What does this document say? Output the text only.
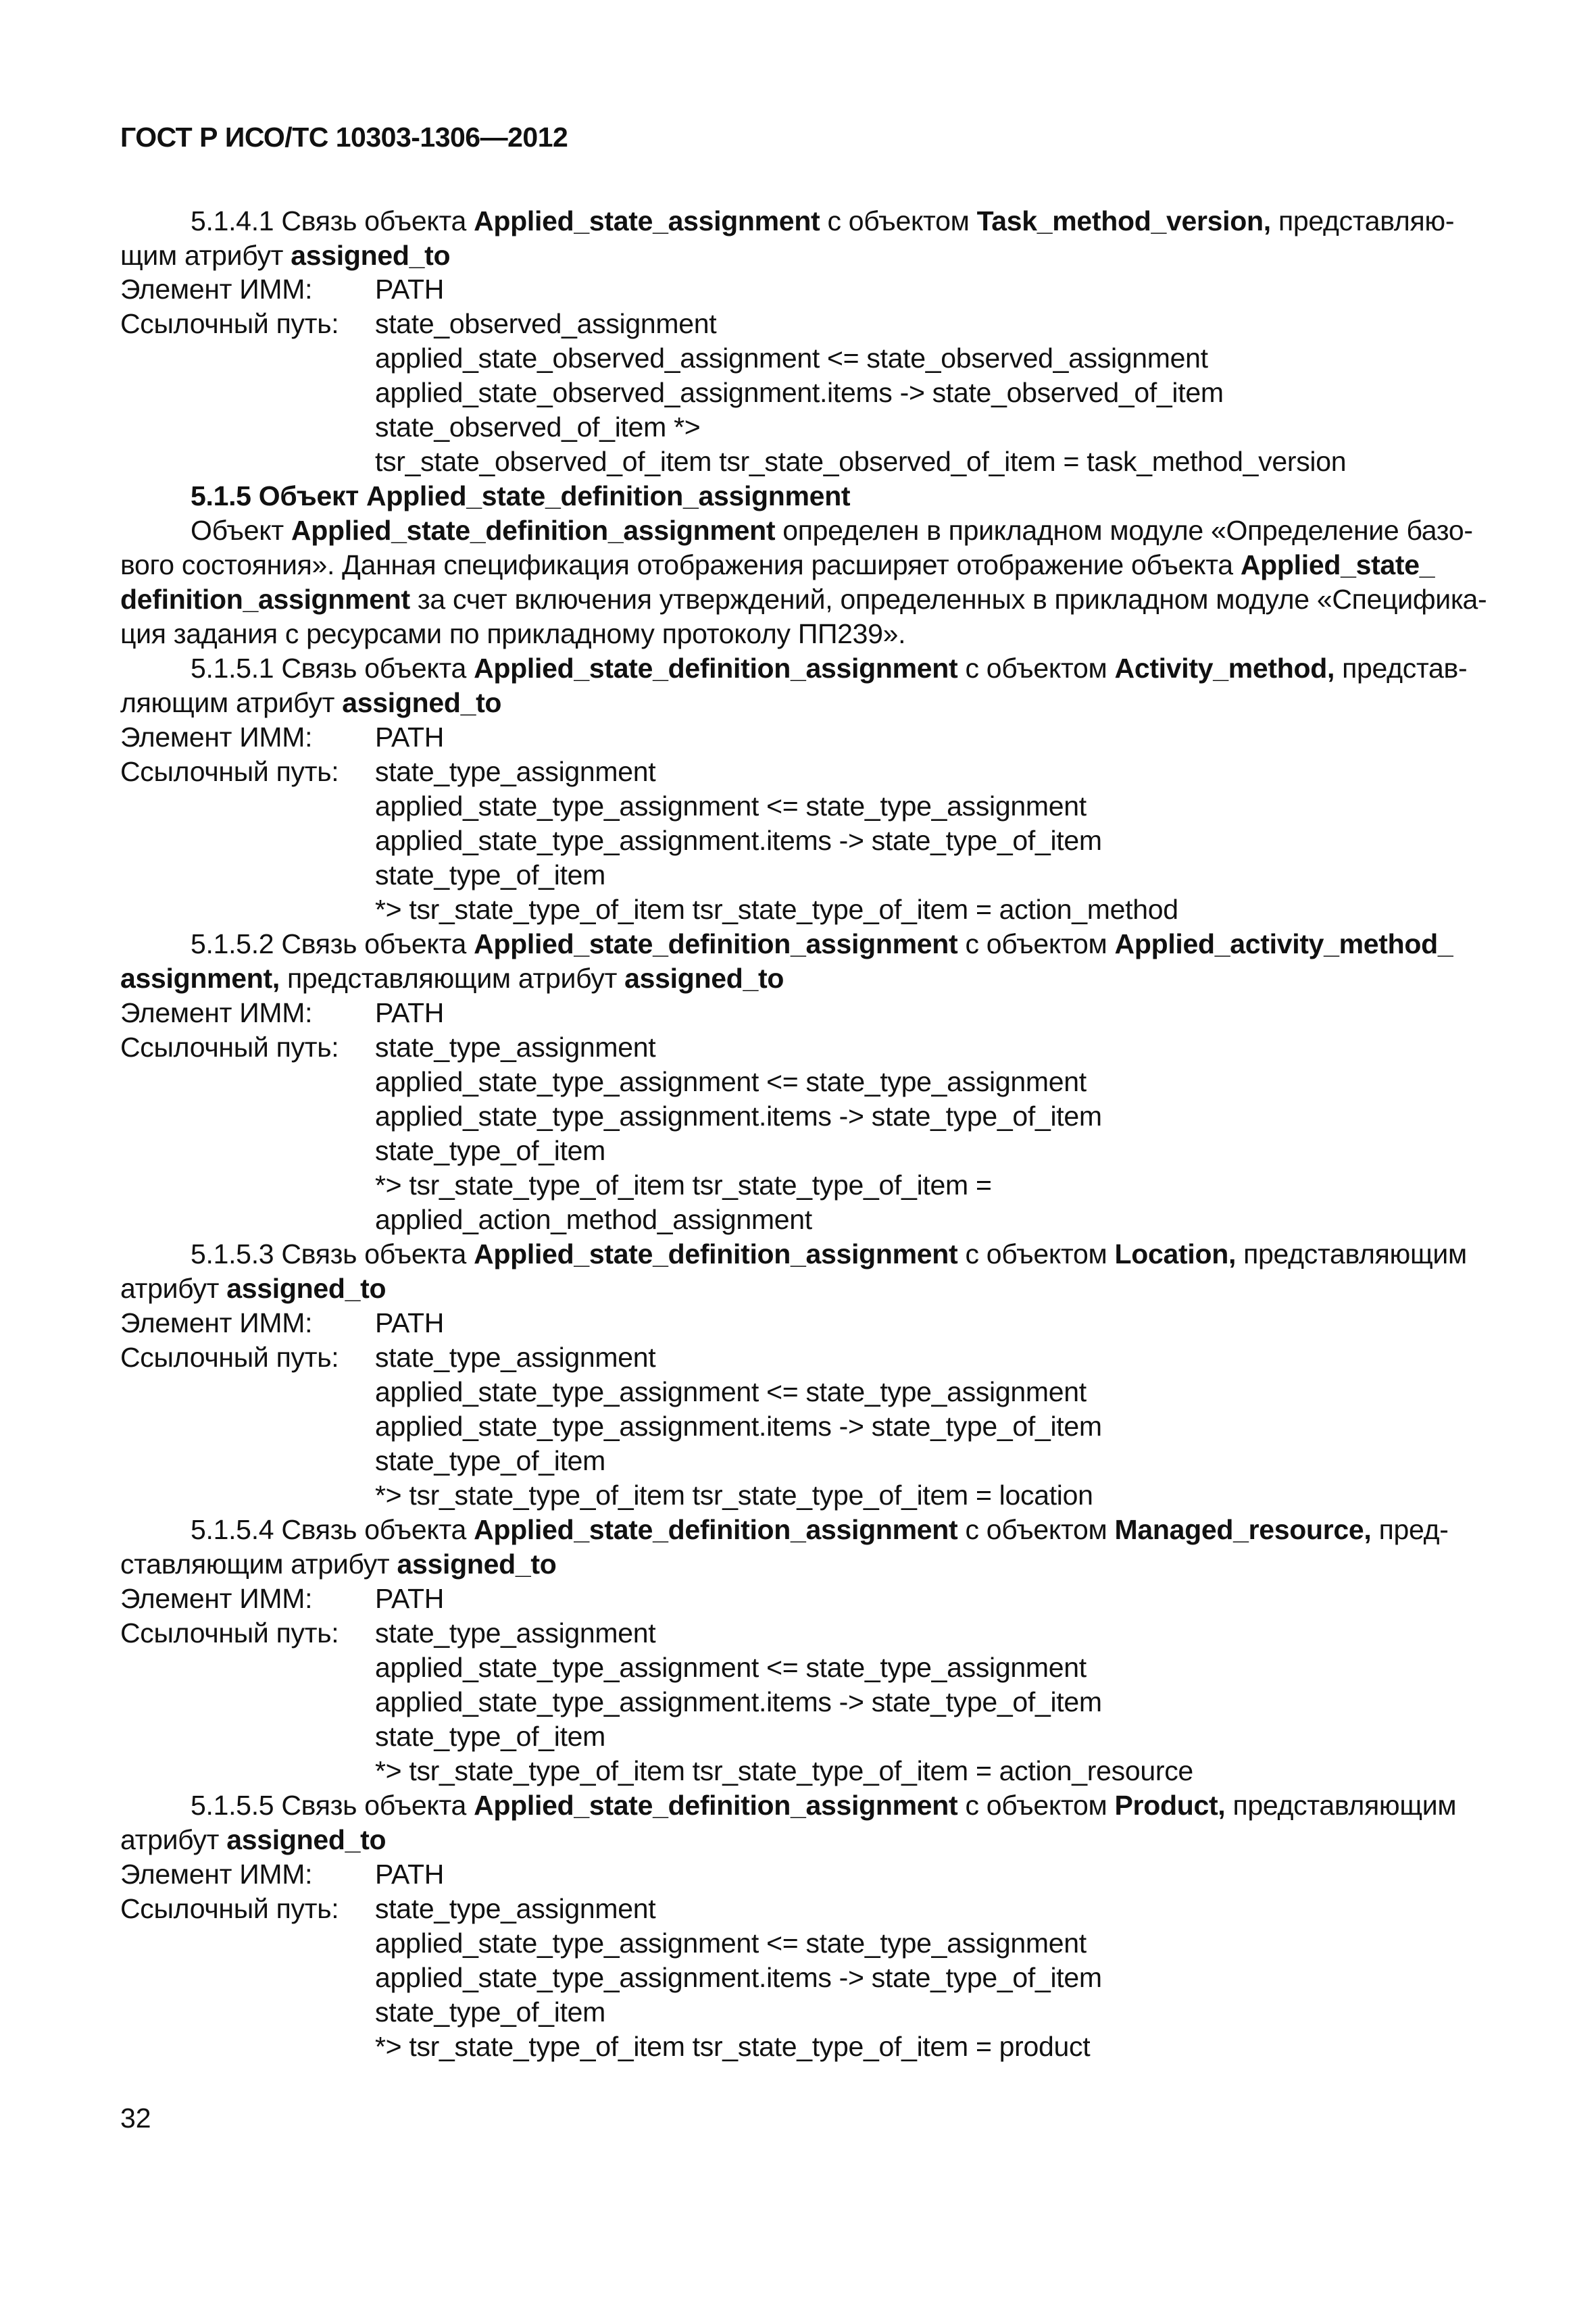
ГОСТ Р ИСО/ТС 10303-1306—2012
5.1.4.1 Связь объекта Applied_state_assignment с объектом Task_method_version, представляю-
щим атрибут assigned_to
Элемент ИММ: PATH
Ссылочный путь: state_observed_assignment
applied_state_observed_assignment <= state_observed_assignment
applied_state_observed_assignment.items -> state_observed_of_item
state_observed_of_item *>
tsr_state_observed_of_item tsr_state_observed_of_item = task_method_version
5.1.5 Объект Applied_state_definition_assignment
Объект Applied_state_definition_assignment определен в прикладном модуле «Определение базо-
вого состояния». Данная спецификация отображения расширяет отображение объекта Applied_state_
definition_assignment за счет включения утверждений, определенных в прикладном модуле «Спецификa-
ция задания с ресурсами по прикладному протоколу ПП239».
5.1.5.1 Связь объекта Applied_state_definition_assignment с объектом Activity_method, представ-
ляющим атрибут assigned_to
Элемент ИММ: PATH
Ссылочный путь: state_type_assignment
applied_state_type_assignment <= state_type_assignment
applied_state_type_assignment.items -> state_type_of_item
state_type_of_item
*> tsr_state_type_of_item tsr_state_type_of_item = action_method
5.1.5.2 Связь объекта Applied_state_definition_assignment с объектом Applied_activity_method_
assignment, представляющим атрибут assigned_to
Элемент ИММ: PATH
Ссылочный путь: state_type_assignment
applied_state_type_assignment <= state_type_assignment
applied_state_type_assignment.items -> state_type_of_item
state_type_of_item
*> tsr_state_type_of_item tsr_state_type_of_item =
applied_action_method_assignment
5.1.5.3 Связь объекта Applied_state_definition_assignment с объектом Location, представляющим
атрибут assigned_to
Элемент ИММ: PATH
Ссылочный путь: state_type_assignment
applied_state_type_assignment <= state_type_assignment
applied_state_type_assignment.items -> state_type_of_item
state_type_of_item
*> tsr_state_type_of_item tsr_state_type_of_item = location
5.1.5.4 Связь объекта Applied_state_definition_assignment с объектом Managed_resource, пред-
ставляющим атрибут assigned_to
Элемент ИММ: PATH
Ссылочный путь: state_type_assignment
applied_state_type_assignment <= state_type_assignment
applied_state_type_assignment.items -> state_type_of_item
state_type_of_item
*> tsr_state_type_of_item tsr_state_type_of_item = action_resource
5.1.5.5 Связь объекта Applied_state_definition_assignment с объектом Product, представляющим
атрибут assigned_to
Элемент ИММ: PATH
Ссылочный путь: state_type_assignment
applied_state_type_assignment <= state_type_assignment
applied_state_type_assignment.items -> state_type_of_item
state_type_of_item
*> tsr_state_type_of_item tsr_state_type_of_item = product
32
